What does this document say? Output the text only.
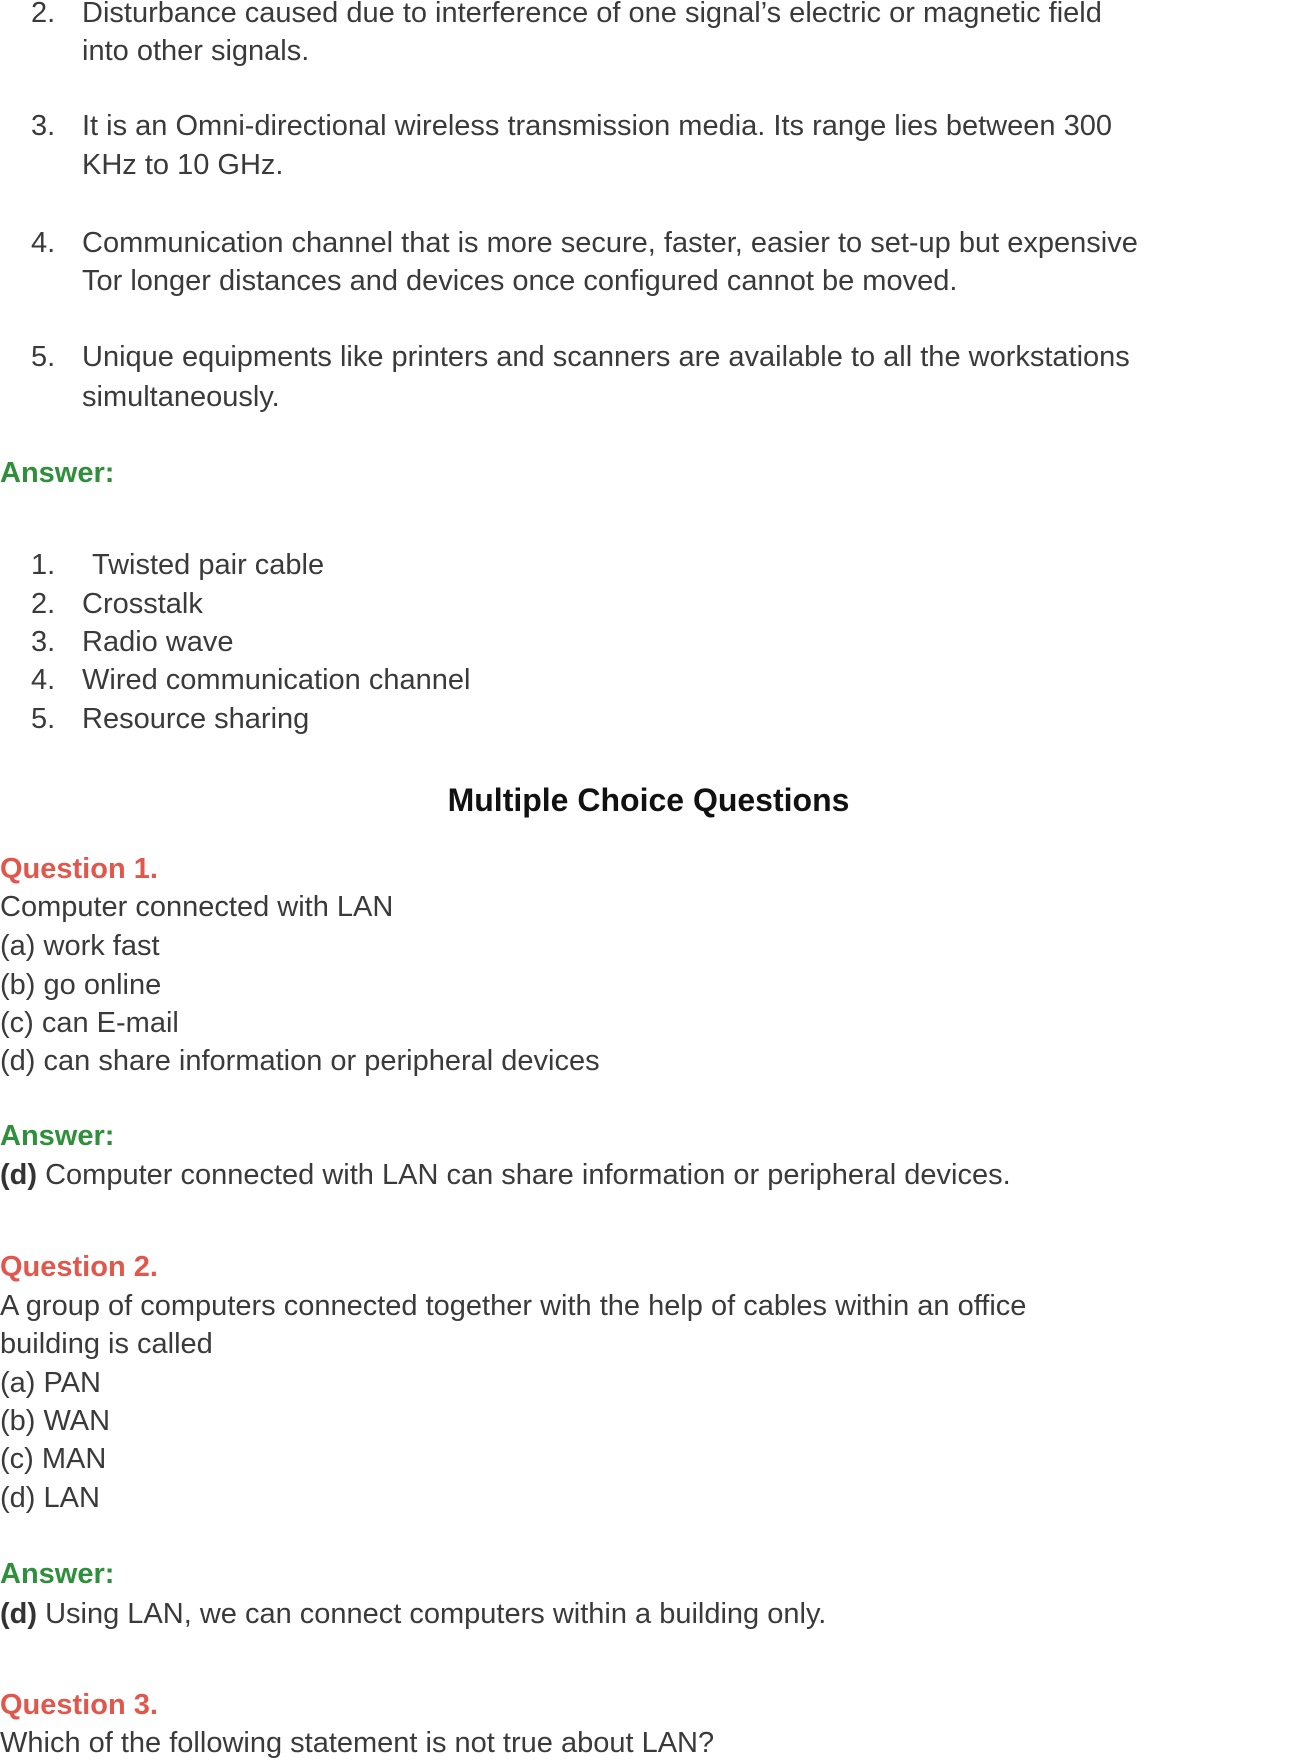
2. Disturbance caused due to interference of one signal’s electric or magnetic field
into other signals.
3. It is an Omni-directional wireless transmission media. Its range lies between 300
KHz to 10 GHz.
4. Communication channel that is more secure, faster, easier to set-up but expensive
Tor longer distances and devices once configured cannot be moved.
5. Unique equipments like printers and scanners are available to all the workstations
simultaneously.
Answer:
1. Twisted pair cable
2. Crosstalk
3. Radio wave
4. Wired communication channel
5. Resource sharing
Multiple Choice Questions
Question 1.
Computer connected with LAN
(a) work fast
(b) go online
(c) can E-mail
(d) can share information or peripheral devices
Answer:
(d) Computer connected with LAN can share information or peripheral devices.
Question 2.
A group of computers connected together with the help of cables within an office
building is called
(a) PAN
(b) WAN
(c) MAN
(d) LAN
Answer:
(d) Using LAN, we can connect computers within a building only.
Question 3.
Which of the following statement is not true about LAN?
